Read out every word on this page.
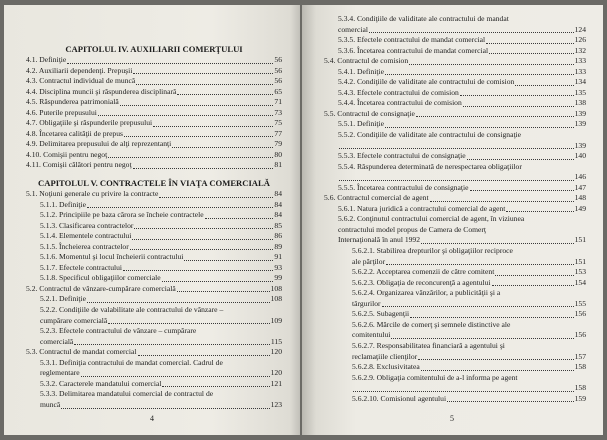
CAPITOLUL IV. AUXILIARII COMERŢULUI
4.1. Definiţie	56
4.2. Auxiliarii dependenţi. Prepuşii	56
4.3. Contractul individual de muncă	56
4.4. Disciplina muncii şi răspunderea disciplinară	65
4.5. Răspunderea patrimonială	71
4.6. Puterile prepusului	73
4.7. Obligaţiile şi răspunderile prepusului	75
4.8. Încetarea calităţii de prepus	77
4.9. Delimitarea prepusului de alţi reprezentanţi	79
4.10. Comişii pentru negoţ	80
4.11. Comişii călători pentru negoţ	81
CAPITOLUL V. CONTRACTELE ÎN VIAŢA COMERCIALĂ
5.1. Noţiuni generale cu privire la contracte	84
5.1.1. Definiţie	84
5.1.2. Principiile pe baza cărora se încheie contractele	84
5.1.3. Clasificarea contractelor	85
5.1.4. Elementele contractului	86
5.1.5. Încheierea contractelor	89
5.1.6. Momentul şi locul încheierii contractului	91
5.1.7. Efectele contractului	93
5.1.8. Specificul obligaţiilor comerciale	99
5.2. Contractul de vânzare-cumpărare comercială	108
5.2.1. Definiţie	108
5.2.2. Condiţiile de valabilitate ale contractului de vânzare –
cumpărare comercială	109
5.2.3. Efectele contractului de vânzare – cumpărare
comercială	115
5.3. Contractul de mandat comercial	120
5.3.1. Definiţia contractului de mandat comercial. Cadrul de
reglementare	120
5.3.2. Caracterele mandatului comercial	121
5.3.3. Delimitarea mandatului comercial de contractul de
muncă	123
4
5.3.4. Condiţiile de validitate ale contractului de mandat
comercial	124
5.3.5. Efectele contractului de mandat comercial	126
5.3.6. Încetarea contractului de mandat comercial	132
5.4. Contractul de comision	133
5.4.1. Definiţie	133
5.4.2. Condiţiile de validitate ale contractului de comision	134
5.4.3. Efectele contractului de comision	135
5.4.4. Încetarea contractului de comision	138
5.5. Contractul de consignaţie	139
5.5.1. Definiţie	139
5.5.2. Condiţiile de validitate ale contractului de consignaţie
139
5.5.3. Efectele contractului de consignaţie	140
5.5.4. Răspunderea determinată de nerespectarea obligaţiilor
146
5.5.5. Încetarea contractului de consignaţie	147
5.6. Contractul comercial de agent	148
5.6.1. Natura juridică a contractului comercial de agent	149
5.6.2. Conţinutul contractului comercial de agent, în viziunea
contractului model propus de Camera de Comerţ
Internaţională în anul 1992	151
5.6.2.1. Stabilirea drepturilor şi obligaţiilor reciproce
ale părţilor	151
5.6.2.2. Acceptarea comenzii de către comitent	153
5.6.2.3. Obligaţia de reconcurenţă a agentului	154
5.6.2.4. Organizarea vânzărilor, a publicităţii şi a
târgurilor	155
5.6.2.5. Subagenţii	156
5.6.2.6. Mărcile de comerţ şi semnele distinctive ale
comitentului	156
5.6.2.7. Responsabilitatea financiară a agentului şi
reclamaţiile clienţilor	157
5.6.2.8. Exclusivitatea	158
5.6.2.9. Obligaţia comitentului de a-l informa pe agent
158
5.6.2.10. Comisionul agentului	159
5
